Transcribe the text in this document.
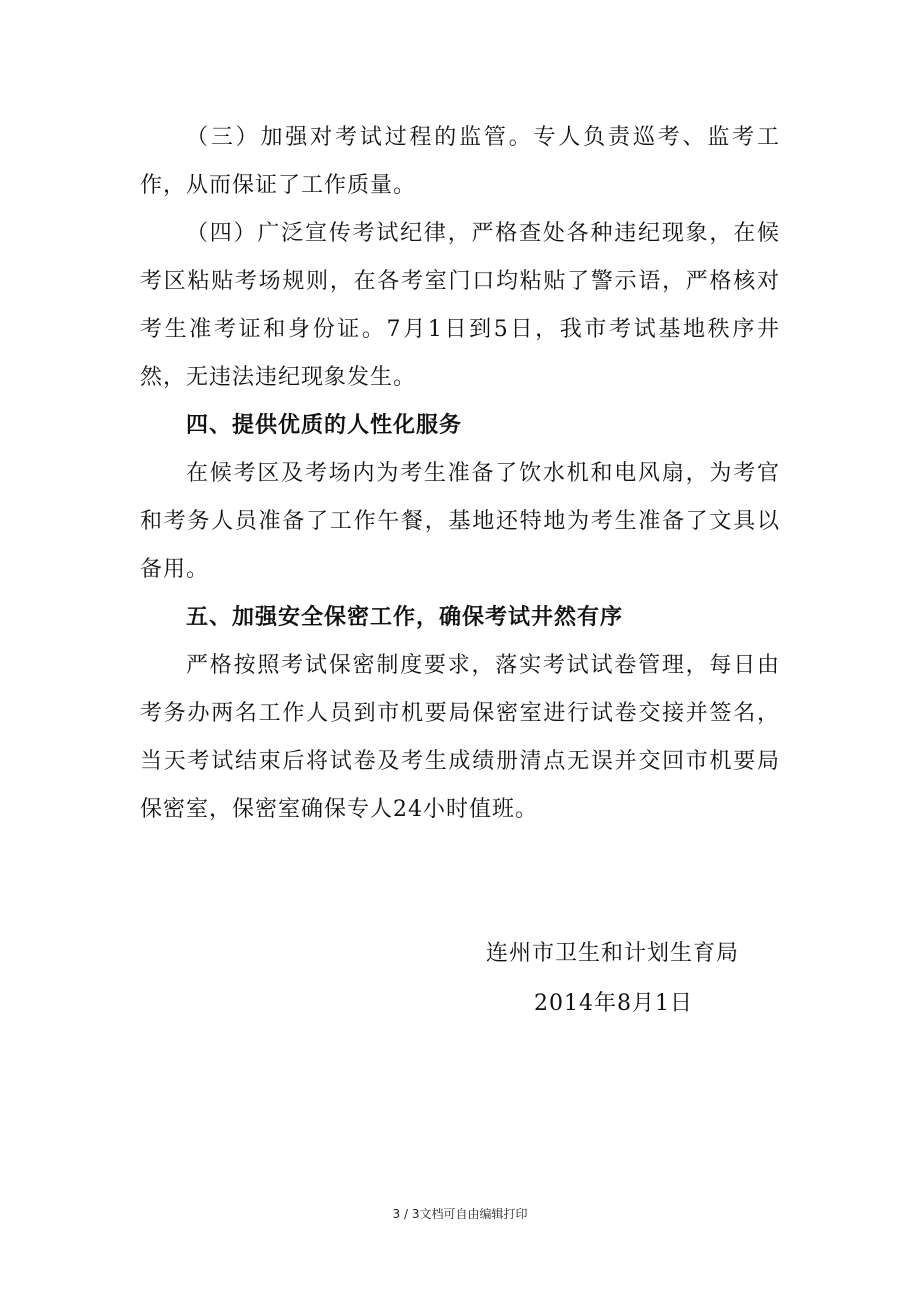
（三）加强对考试过程的监管。专人负责巡考、监考工作，从而保证了工作质量。

（四）广泛宣传考试纪律，严格查处各种违纪现象，在候考区粘贴考场规则，在各考室门口均粘贴了警示语，严格核对考生准考证和身份证。7月1日到5日，我市考试基地秩序井然，无违法违纪现象发生。

四、提供优质的人性化服务

在候考区及考场内为考生准备了饮水机和电风扇，为考官和考务人员准备了工作午餐，基地还特地为考生准备了文具以备用。

五、加强安全保密工作，确保考试井然有序

严格按照考试保密制度要求，落实考试试卷管理，每日由考务办两名工作人员到市机要局保密室进行试卷交接并签名，当天考试结束后将试卷及考生成绩册清点无误并交回市机要局保密室，保密室确保专人24小时值班。

连州市卫生和计划生育局

2014年8月1日

3 / 3文档可自由编辑打印
